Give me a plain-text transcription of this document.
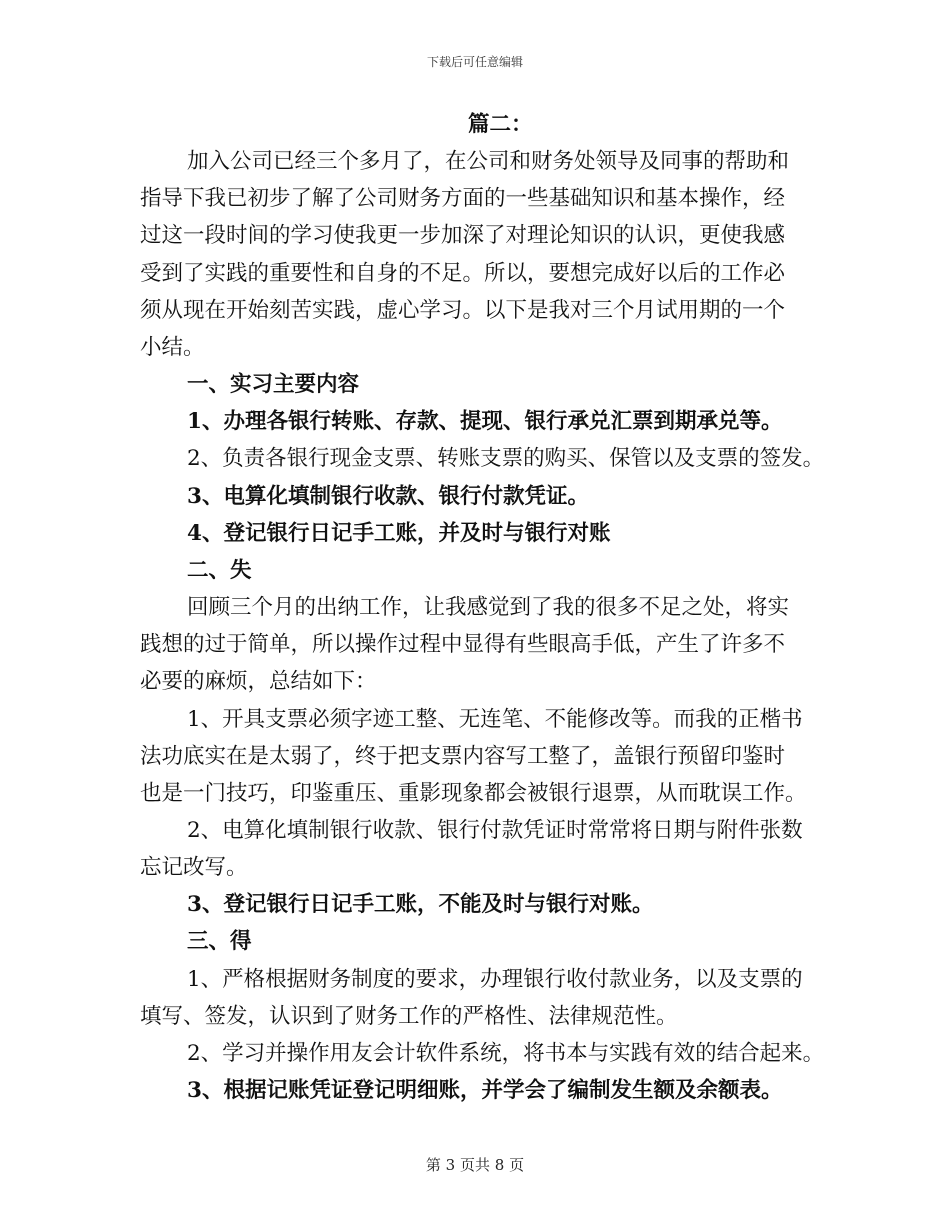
下载后可任意编辑
篇二：
加入公司已经三个多月了，在公司和财务处领导及同事的帮助和
指导下我已初步了解了公司财务方面的一些基础知识和基本操作，经
过这一段时间的学习使我更一步加深了对理论知识的认识，更使我感
受到了实践的重要性和自身的不足。所以，要想完成好以后的工作必
须从现在开始刻苦实践，虚心学习。以下是我对三个月试用期的一个
小结。
一、实习主要内容
1、办理各银行转账、存款、提现、银行承兑汇票到期承兑等。
2、负责各银行现金支票、转账支票的购买、保管以及支票的签发。
3、电算化填制银行收款、银行付款凭证。
4、登记银行日记手工账，并及时与银行对账
二、失
回顾三个月的出纳工作，让我感觉到了我的很多不足之处，将实
践想的过于简单，所以操作过程中显得有些眼高手低，产生了许多不
必要的麻烦，总结如下：
1、开具支票必须字迹工整、无连笔、不能修改等。而我的正楷书
法功底实在是太弱了，终于把支票内容写工整了，盖银行预留印鉴时
也是一门技巧，印鉴重压、重影现象都会被银行退票，从而耽误工作。
2、电算化填制银行收款、银行付款凭证时常常将日期与附件张数
忘记改写。
3、登记银行日记手工账，不能及时与银行对账。
三、得
1、严格根据财务制度的要求，办理银行收付款业务，以及支票的
填写、签发，认识到了财务工作的严格性、法律规范性。
2、学习并操作用友会计软件系统，将书本与实践有效的结合起来。
3、根据记账凭证登记明细账，并学会了编制发生额及余额表。
第 3 页共 8 页
